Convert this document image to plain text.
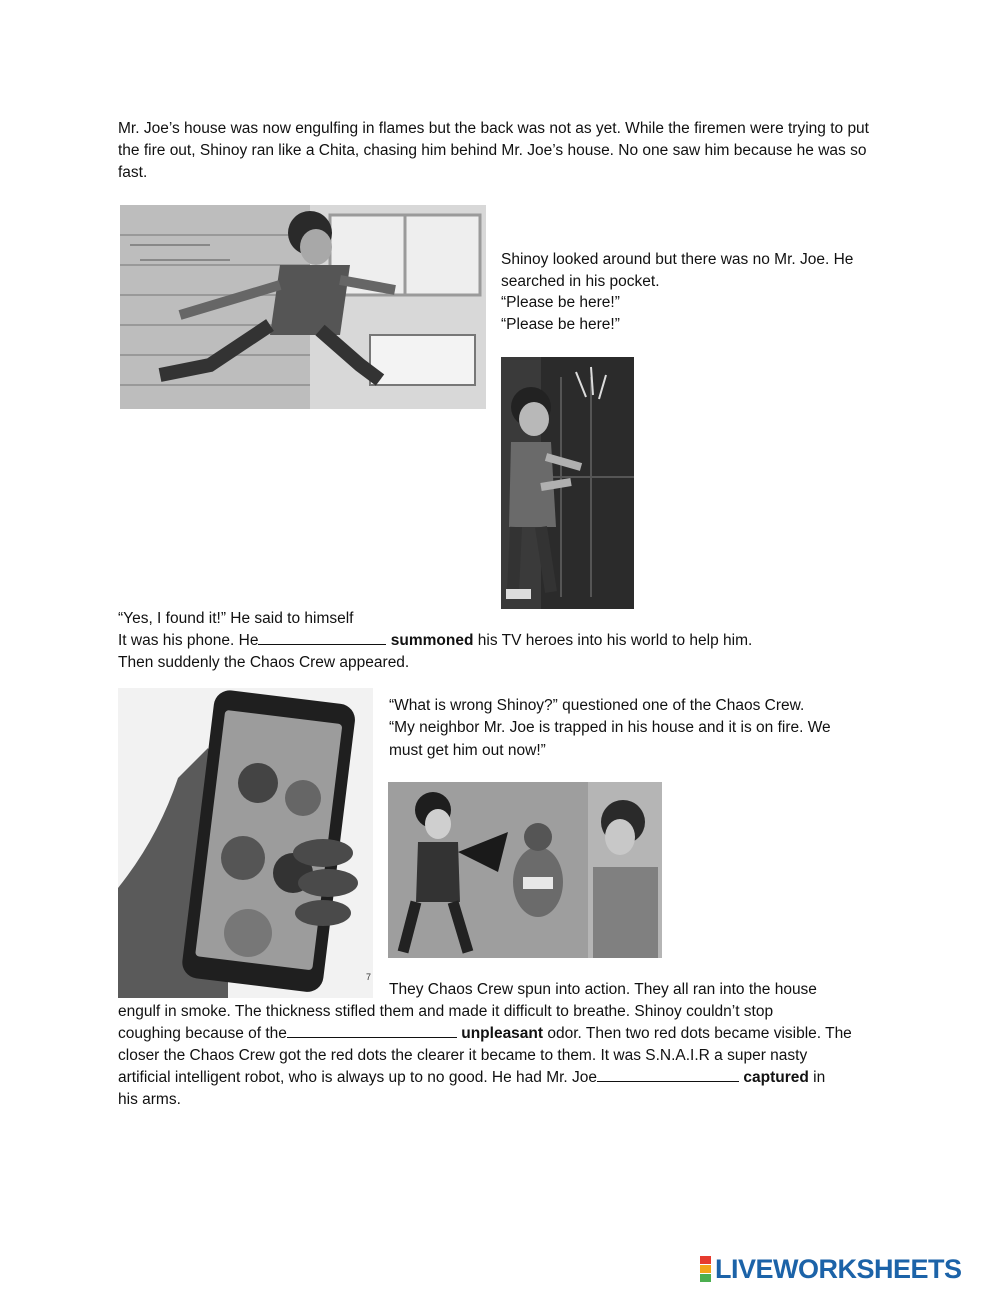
Mr. Joe’s house was now engulfing in flames but the back was not as yet. While the firemen were trying to put the fire out, Shinoy ran like a Chita, chasing him behind Mr. Joe’s house. No one saw him because he was so fast.

Shinoy looked around but there was no Mr. Joe. He

searched in his pocket.

“Please be here!”

“Please be here!”

“Yes, I found it!” He said to himself

It was his phone. He	summoned his TV heroes into his world to help him.

Then suddenly the Chaos Crew appeared.

7

“What is wrong Shinoy?” questioned one of the Chaos Crew.

“My neighbor Mr. Joe is trapped in his house and it is on fire. We

must get him out now!”

They Chaos Crew spun into action. They all ran into the house

engulf in smoke. The thickness stifled them and made it difficult to breathe. Shinoy couldn’t stop

coughing because of the	unpleasant odor. Then two red dots became visible. The

closer the Chaos Crew got the red dots the clearer it became to them. It was S.N.A.I.R a super nasty

artificial intelligent robot, who is always up to no good. He had Mr. Joe	captured in

his arms.

LIVEWORKSHEETS
